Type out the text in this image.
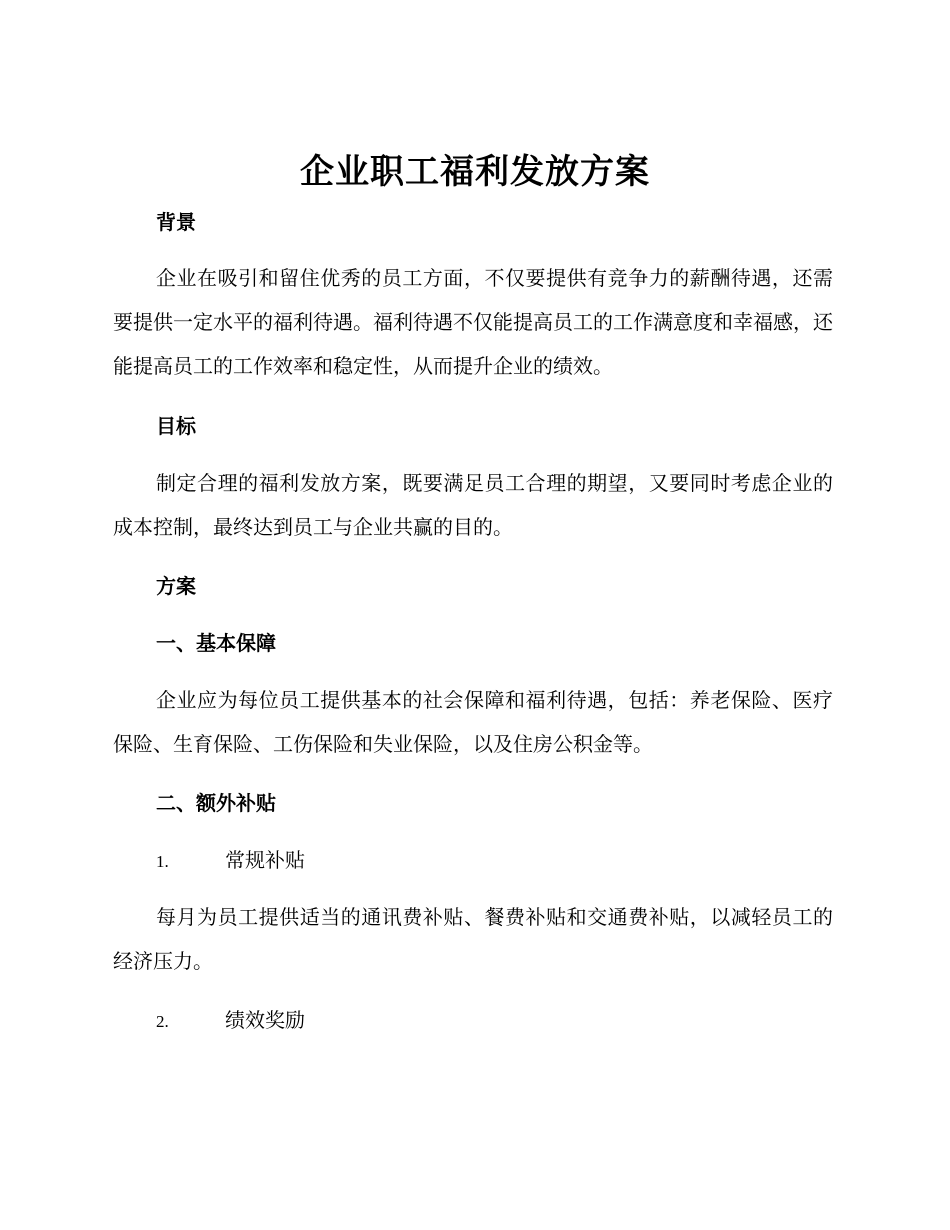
企业职工福利发放方案
背景

企业在吸引和留住优秀的员工方面，不仅要提供有竞争力的薪酬待遇，还需要提供一定水平的福利待遇。福利待遇不仅能提高员工的工作满意度和幸福感，还能提高员工的工作效率和稳定性，从而提升企业的绩效。

目标

制定合理的福利发放方案，既要满足员工合理的期望，又要同时考虑企业的成本控制，最终达到员工与企业共赢的目的。

方案
一、基本保障

企业应为每位员工提供基本的社会保障和福利待遇，包括：养老保险、医疗保险、生育保险、工伤保险和失业保险，以及住房公积金等。

二、额外补贴
1.	常规补贴

每月为员工提供适当的通讯费补贴、餐费补贴和交通费补贴，以减轻员工的经济压力。

2.	绩效奖励
